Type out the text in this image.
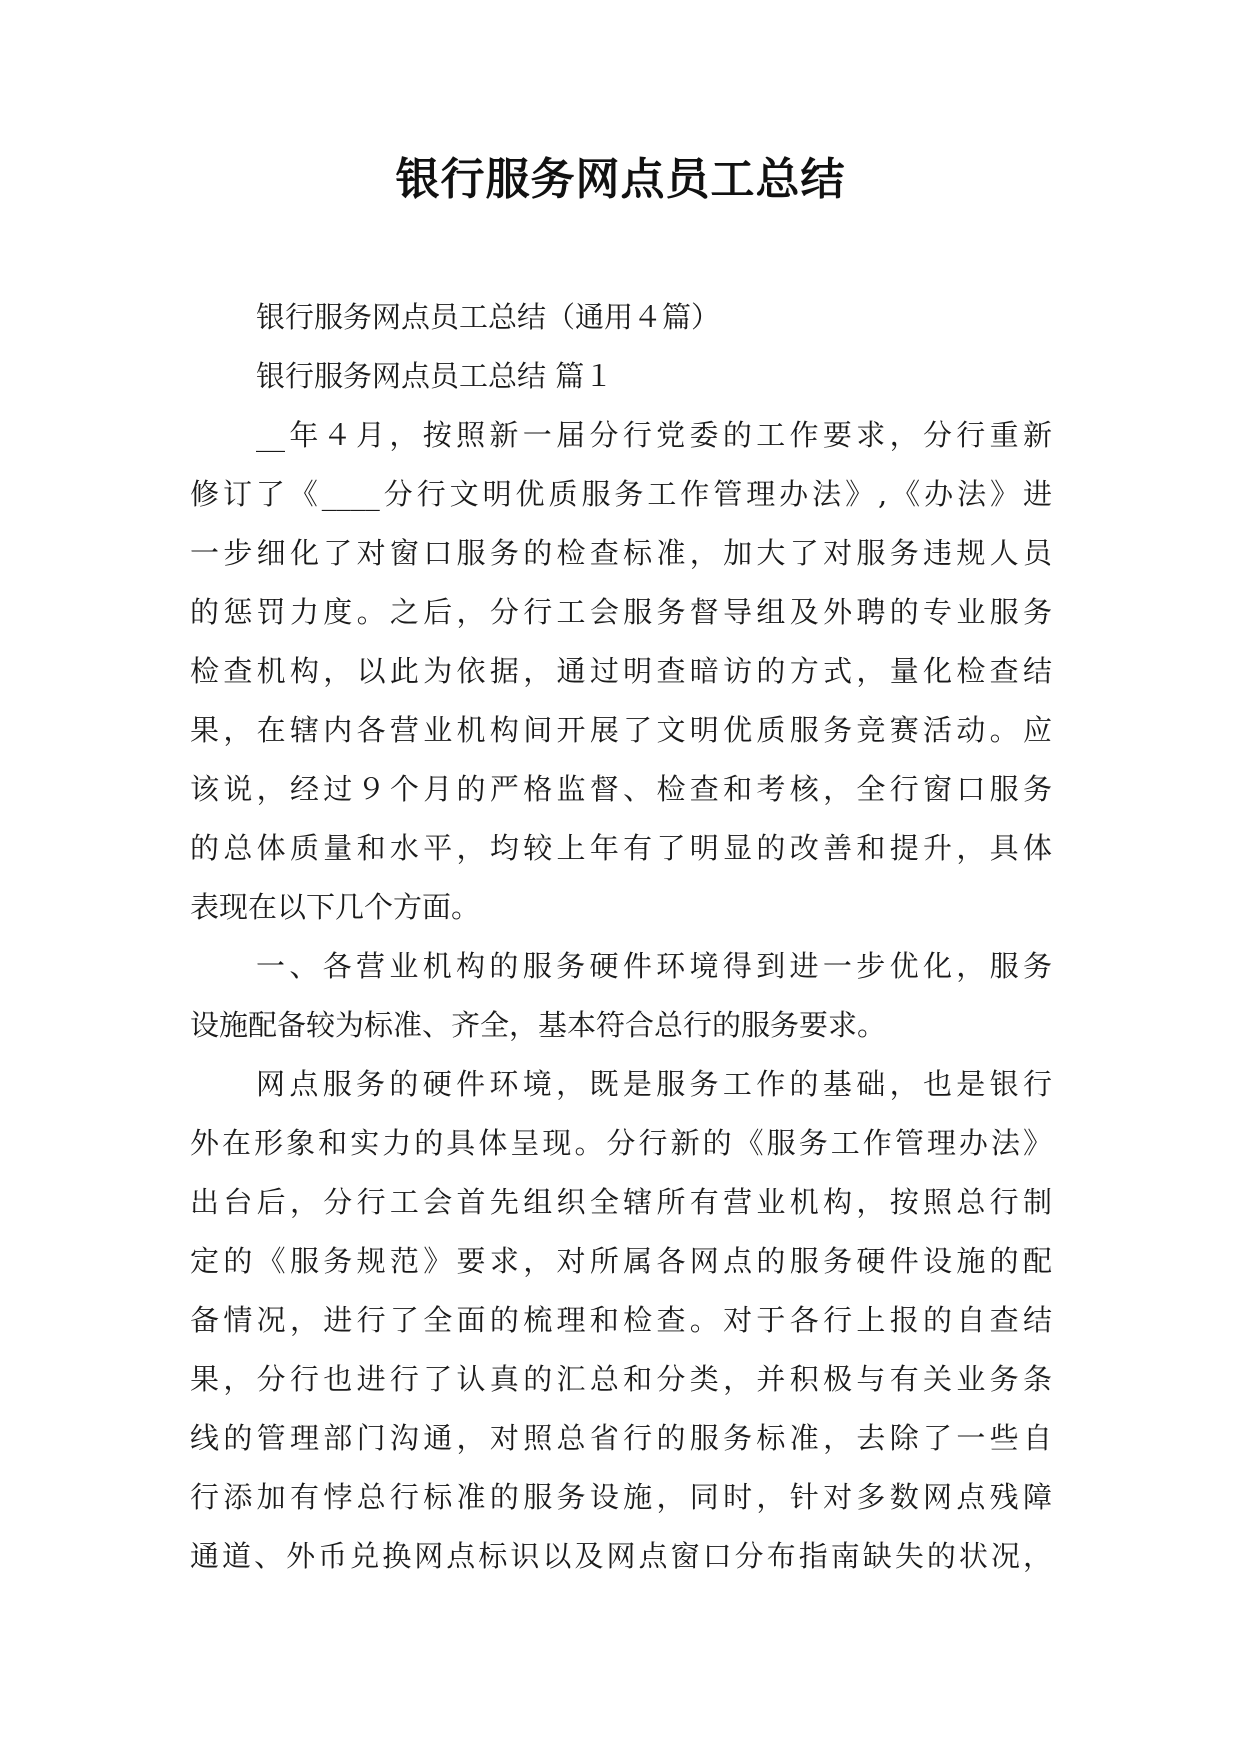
银行服务网点员工总结
银行服务网点员工总结（通用４篇）
银行服务网点员工总结 篇１
__年４月，按照新一届分行党委的工作要求，分行重新
修订了《____分行文明优质服务工作管理办法》,《办法》进
一步细化了对窗口服务的检查标准，加大了对服务违规人员
的惩罚力度。之后，分行工会服务督导组及外聘的专业服务
检查机构，以此为依据，通过明查暗访的方式，量化检查结
果，在辖内各营业机构间开展了文明优质服务竞赛活动。应
该说，经过９个月的严格监督、检查和考核，全行窗口服务
的总体质量和水平，均较上年有了明显的改善和提升，具体
表现在以下几个方面。
一、各营业机构的服务硬件环境得到进一步优化，服务
设施配备较为标准、齐全，基本符合总行的服务要求。
网点服务的硬件环境，既是服务工作的基础，也是银行
外在形象和实力的具体呈现。分行新的《服务工作管理办法》
出台后，分行工会首先组织全辖所有营业机构，按照总行制
定的《服务规范》要求，对所属各网点的服务硬件设施的配
备情况，进行了全面的梳理和检查。对于各行上报的自查结
果，分行也进行了认真的汇总和分类，并积极与有关业务条
线的管理部门沟通，对照总省行的服务标准，去除了一些自
行添加有悖总行标准的服务设施，同时，针对多数网点残障
通道、外币兑换网点标识以及网点窗口分布指南缺失的状况，
